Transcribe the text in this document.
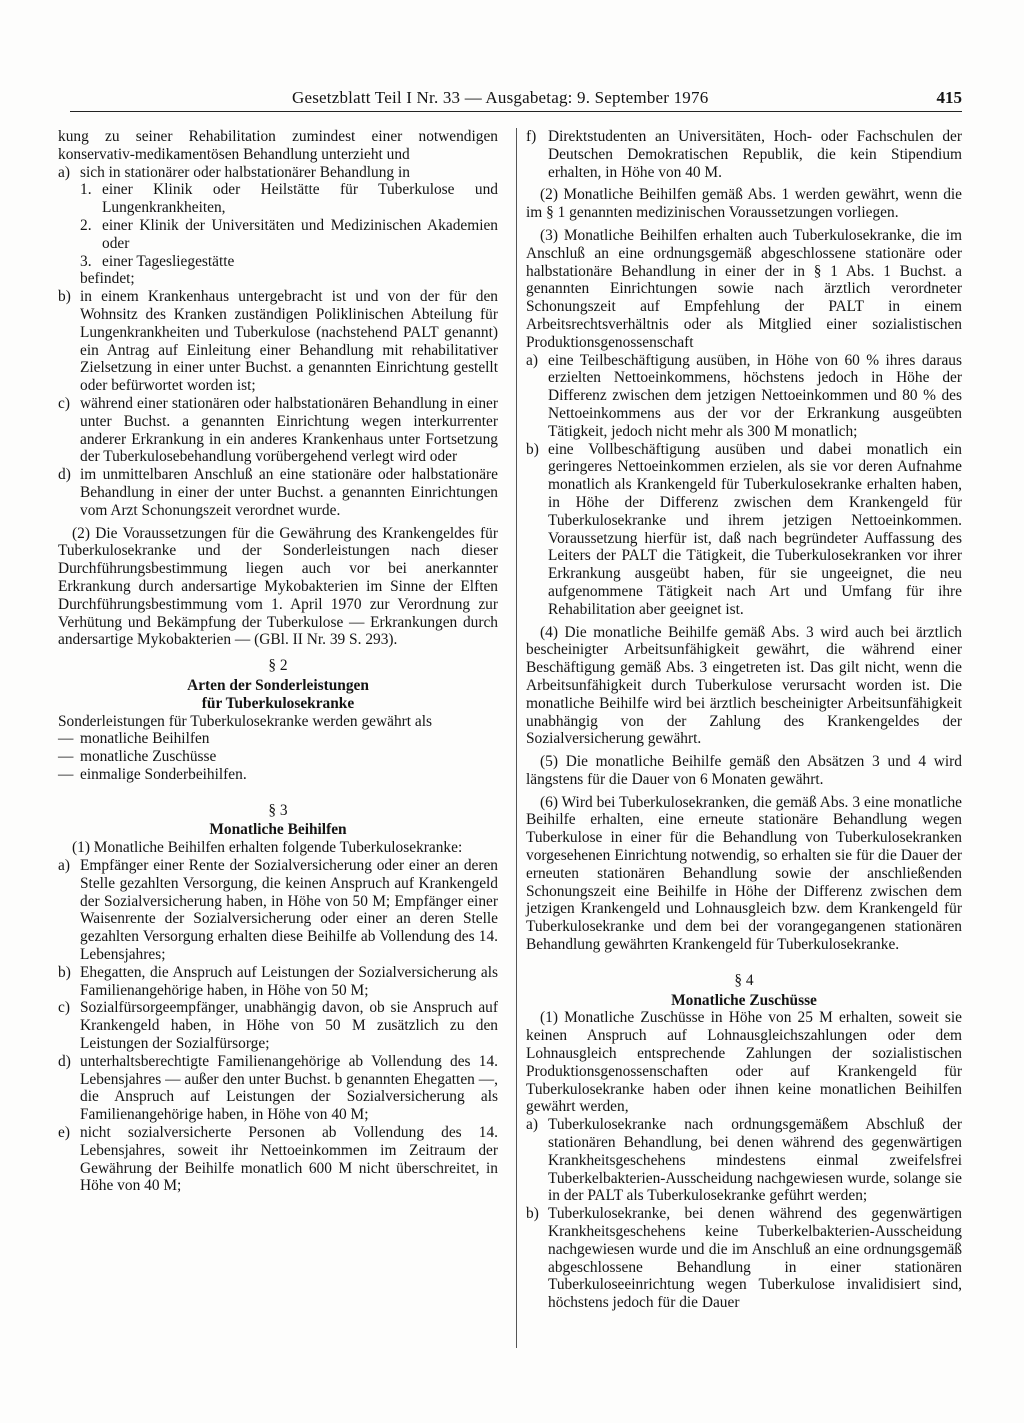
Gesetzblatt Teil I Nr. 33 — Ausgabetag: 9. September 1976	415

kung zu seiner Rehabilitation zumindest einer notwendigen konservativ-medikamentösen Behandlung unterzieht und

a) sich in stationärer oder halbstationärer Behandlung in
1. einer Klinik oder Heilstätte für Tuberkulose und Lungenkrankheiten,
2. einer Klinik der Universitäten und Medizinischen Akademien oder
3. einer Tagesliegestätte

befindet;

b) in einem Krankenhaus untergebracht ist und von der für den Wohnsitz des Kranken zuständigen Poliklinischen Abteilung für Lungenkrankheiten und Tuberkulose (nachstehend PALT genannt) ein Antrag auf Einleitung einer Behandlung mit rehabilitativer Zielsetzung in einer unter Buchst. a genannten Einrichtung gestellt oder befürwortet worden ist;
c) während einer stationären oder halbstationären Behandlung in einer unter Buchst. a genannten Einrichtung wegen interkurrenter anderer Erkrankung in ein anderes Krankenhaus unter Fortsetzung der Tuberkulosebehandlung vorübergehend verlegt wird oder
d) im unmittelbaren Anschluß an eine stationäre oder halbstationäre Behandlung in einer der unter Buchst. a genannten Einrichtungen vom Arzt Schonungszeit verordnet wurde.

(2) Die Voraussetzungen für die Gewährung des Krankengeldes für Tuberkulosekranke und der Sonderleistungen nach dieser Durchführungsbestimmung liegen auch vor bei anerkannter Erkrankung durch andersartige Mykobakterien im Sinne der Elften Durchführungsbestimmung vom 1. April 1970 zur Verordnung zur Verhütung und Bekämpfung der Tuberkulose — Erkrankungen durch andersartige Mykobakterien — (GBl. II Nr. 39 S. 293).

§ 2

Arten der Sonderleistungen

für Tuberkulosekranke

Sonderleistungen für Tuberkulosekranke werden gewährt als

— monatliche Beihilfen
— monatliche Zuschüsse
— einmalige Sonderbeihilfen.

§ 3

Monatliche Beihilfen

(1) Monatliche Beihilfen erhalten folgende Tuberkulosekranke:

a) Empfänger einer Rente der Sozialversicherung oder einer an deren Stelle gezahlten Versorgung, die keinen Anspruch auf Krankengeld der Sozialversicherung haben, in Höhe von 50 M; Empfänger einer Waisenrente der Sozialversicherung oder einer an deren Stelle gezahlten Versorgung erhalten diese Beihilfe ab Vollendung des 14. Lebensjahres;
b) Ehegatten, die Anspruch auf Leistungen der Sozialversicherung als Familienangehörige haben, in Höhe von 50 M;
c) Sozialfürsorgeempfänger, unabhängig davon, ob sie Anspruch auf Krankengeld haben, in Höhe von 50 M zusätzlich zu den Leistungen der Sozialfürsorge;
d) unterhaltsberechtigte Familienangehörige ab Vollendung des 14. Lebensjahres — außer den unter Buchst. b genannten Ehegatten —, die Anspruch auf Leistungen der Sozialversicherung als Familienangehörige haben, in Höhe von 40 M;
e) nicht sozialversicherte Personen ab Vollendung des 14. Lebensjahres, soweit ihr Nettoeinkommen im Zeitraum der Gewährung der Beihilfe monatlich 600 M nicht überschreitet, in Höhe von 40 M;
f) Direktstudenten an Universitäten, Hoch- oder Fachschulen der Deutschen Demokratischen Republik, die kein Stipendium erhalten, in Höhe von 40 M.

(2) Monatliche Beihilfen gemäß Abs. 1 werden gewährt, wenn die im § 1 genannten medizinischen Voraussetzungen vorliegen.

(3) Monatliche Beihilfen erhalten auch Tuberkulosekranke, die im Anschluß an eine ordnungsgemäß abgeschlossene stationäre oder halbstationäre Behandlung in einer der in § 1 Abs. 1 Buchst. a genannten Einrichtungen sowie nach ärztlich verordneter Schonungszeit auf Empfehlung der PALT in einem Arbeitsrechtsverhältnis oder als Mitglied einer sozialistischen Produktionsgenossenschaft

a) eine Teilbeschäftigung ausüben, in Höhe von 60 % ihres daraus erzielten Nettoeinkommens, höchstens jedoch in Höhe der Differenz zwischen dem jetzigen Nettoeinkommen und 80 % des Nettoeinkommens aus der vor der Erkrankung ausgeübten Tätigkeit, jedoch nicht mehr als 300 M monatlich;
b) eine Vollbeschäftigung ausüben und dabei monatlich ein geringeres Nettoeinkommen erzielen, als sie vor deren Aufnahme monatlich als Krankengeld für Tuberkulosekranke erhalten haben, in Höhe der Differenz zwischen dem Krankengeld für Tuberkulosekranke und ihrem jetzigen Nettoeinkommen. Voraussetzung hierfür ist, daß nach begründeter Auffassung des Leiters der PALT die Tätigkeit, die Tuberkulosekranken vor ihrer Erkrankung ausgeübt haben, für sie ungeeignet, die neu aufgenommene Tätigkeit nach Art und Umfang für ihre Rehabilitation aber geeignet ist.

(4) Die monatliche Beihilfe gemäß Abs. 3 wird auch bei ärztlich bescheinigter Arbeitsunfähigkeit gewährt, die während einer Beschäftigung gemäß Abs. 3 eingetreten ist. Das gilt nicht, wenn die Arbeitsunfähigkeit durch Tuberkulose verursacht worden ist. Die monatliche Beihilfe wird bei ärztlich bescheinigter Arbeitsunfähigkeit unabhängig von der Zahlung des Krankengeldes der Sozialversicherung gewährt.

(5) Die monatliche Beihilfe gemäß den Absätzen 3 und 4 wird längstens für die Dauer von 6 Monaten gewährt.

(6) Wird bei Tuberkulosekranken, die gemäß Abs. 3 eine monatliche Beihilfe erhalten, eine erneute stationäre Behandlung wegen Tuberkulose in einer für die Behandlung von Tuberkulosekranken vorgesehenen Einrichtung notwendig, so erhalten sie für die Dauer der erneuten stationären Behandlung sowie der anschließenden Schonungszeit eine Beihilfe in Höhe der Differenz zwischen dem jetzigen Krankengeld und Lohnausgleich bzw. dem Krankengeld für Tuberkulosekranke und dem bei der vorangegangenen stationären Behandlung gewährten Krankengeld für Tuberkulosekranke.

§ 4

Monatliche Zuschüsse

(1) Monatliche Zuschüsse in Höhe von 25 M erhalten, soweit sie keinen Anspruch auf Lohnausgleichszahlungen oder dem Lohnausgleich entsprechende Zahlungen der sozialistischen Produktionsgenossenschaften oder auf Krankengeld für Tuberkulosekranke haben oder ihnen keine monatlichen Beihilfen gewährt werden,

a) Tuberkulosekranke nach ordnungsgemäßem Abschluß der stationären Behandlung, bei denen während des gegenwärtigen Krankheitsgeschehens mindestens einmal zweifelsfrei Tuberkelbakterien-Ausscheidung nachgewiesen wurde, solange sie in der PALT als Tuberkulosekranke geführt werden;
b) Tuberkulosekranke, bei denen während des gegenwärtigen Krankheitsgeschehens keine Tuberkelbakterien-Ausscheidung nachgewiesen wurde und die im Anschluß an eine ordnungsgemäß abgeschlossene Behandlung in einer stationären Tuberkuloseeinrichtung wegen Tuberkulose invalidisiert sind, höchstens jedoch für die Dauer
